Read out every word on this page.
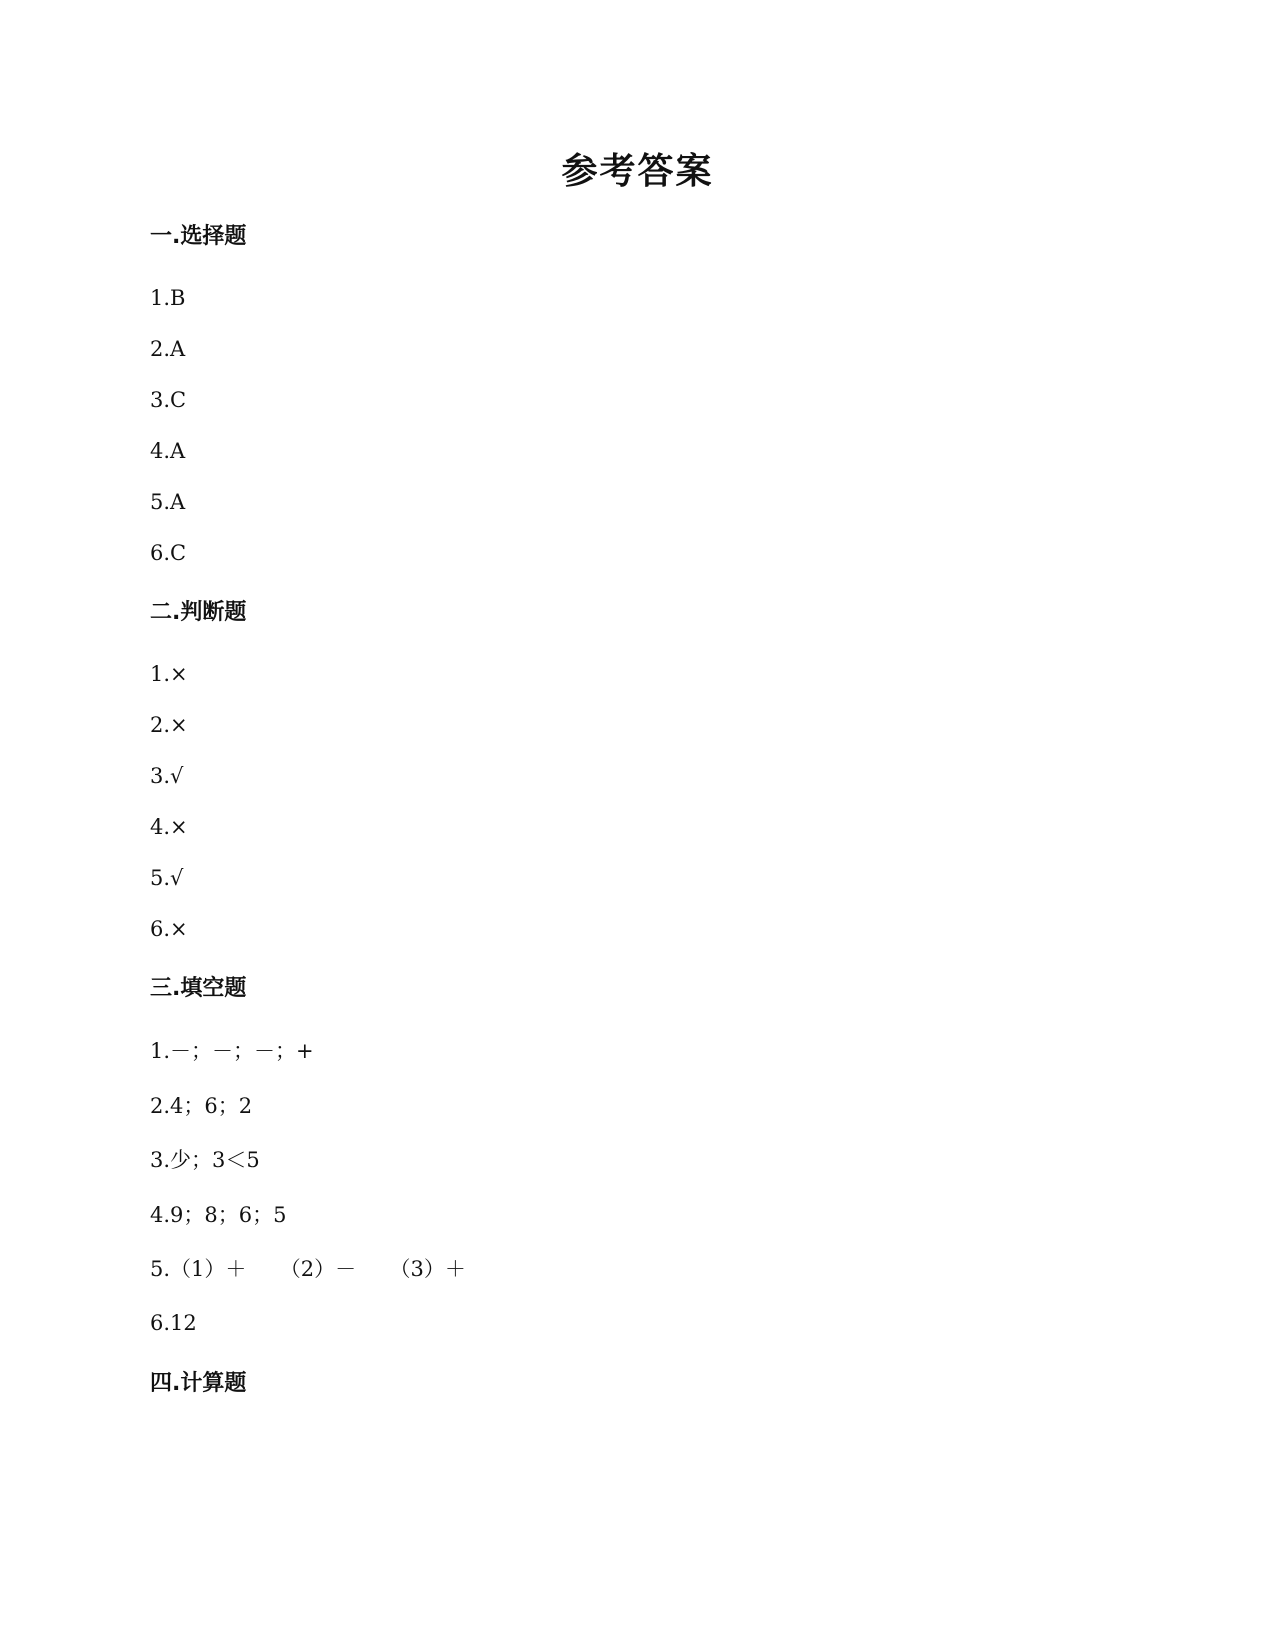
参考答案
一.选择题
1.B
2.A
3.C
4.A
5.A
6.C
二.判断题
1.×
2.×
3.√
4.×
5.√
6.×
三.填空题
1.－；－；－；+
2.4；6；2
3.少；3＜5
4.9；8；6；5
5.（1）＋     （2）－     （3）＋
6.12
四.计算题
